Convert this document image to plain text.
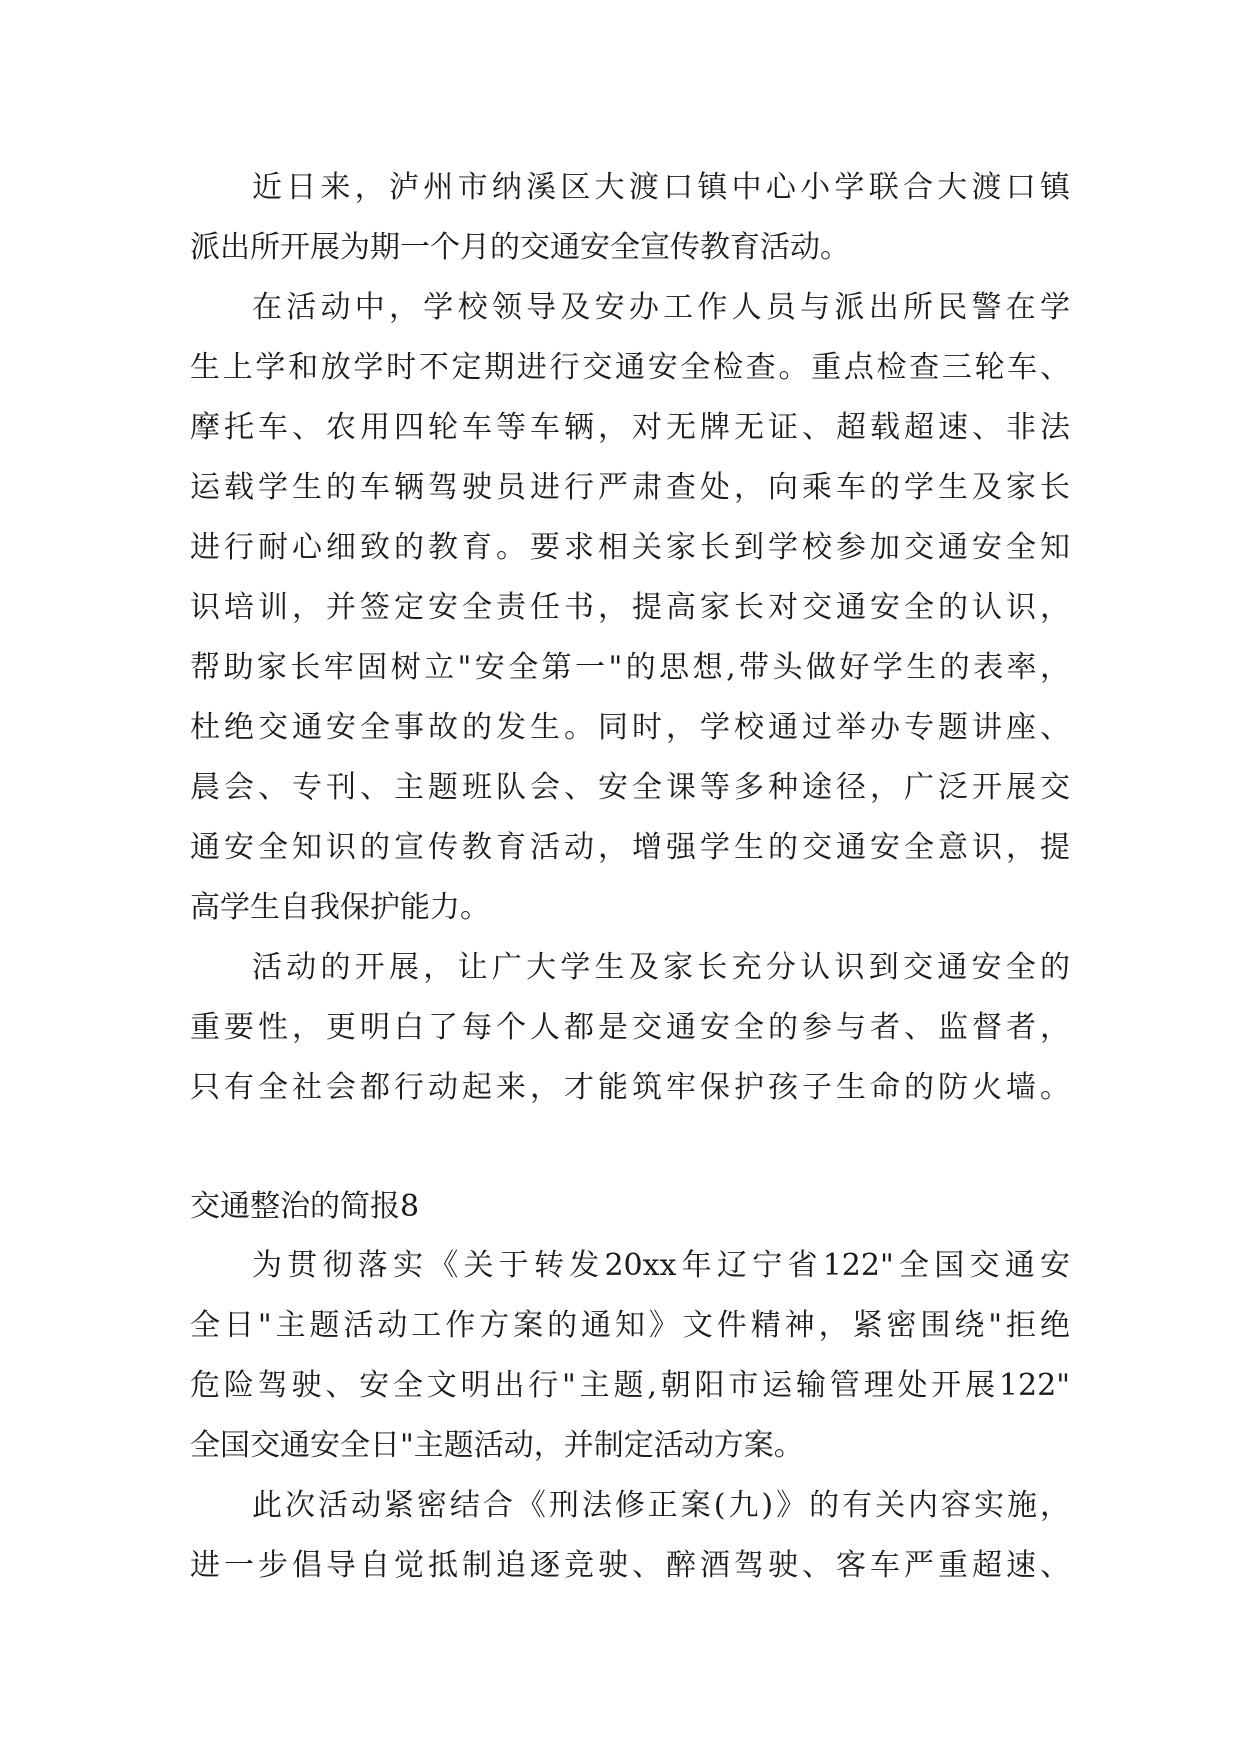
近日来，泸州市纳溪区大渡口镇中心小学联合大渡口镇
派出所开展为期一个月的交通安全宣传教育活动。
在活动中，学校领导及安办工作人员与派出所民警在学
生上学和放学时不定期进行交通安全检查。重点检查三轮车、
摩托车、农用四轮车等车辆，对无牌无证、超载超速、非法
运载学生的车辆驾驶员进行严肃查处，向乘车的学生及家长
进行耐心细致的教育。要求相关家长到学校参加交通安全知
识培训，并签定安全责任书，提高家长对交通安全的认识，
帮助家长牢固树立"安全第一"的思想,带头做好学生的表率，
杜绝交通安全事故的发生。同时，学校通过举办专题讲座、
晨会、专刊、主题班队会、安全课等多种途径，广泛开展交
通安全知识的宣传教育活动，增强学生的交通安全意识，提
高学生自我保护能力。
活动的开展，让广大学生及家长充分认识到交通安全的
重要性，更明白了每个人都是交通安全的参与者、监督者，
只有全社会都行动起来，才能筑牢保护孩子生命的防火墙。
交通整治的简报8
为贯彻落实《关于转发20xx年辽宁省122"全国交通安
全日"主题活动工作方案的通知》文件精神，紧密围绕"拒绝
危险驾驶、安全文明出行"主题,朝阳市运输管理处开展122"
全国交通安全日"主题活动，并制定活动方案。
此次活动紧密结合《刑法修正案(九)》的有关内容实施，
进一步倡导自觉抵制追逐竞驶、醉酒驾驶、客车严重超速、
